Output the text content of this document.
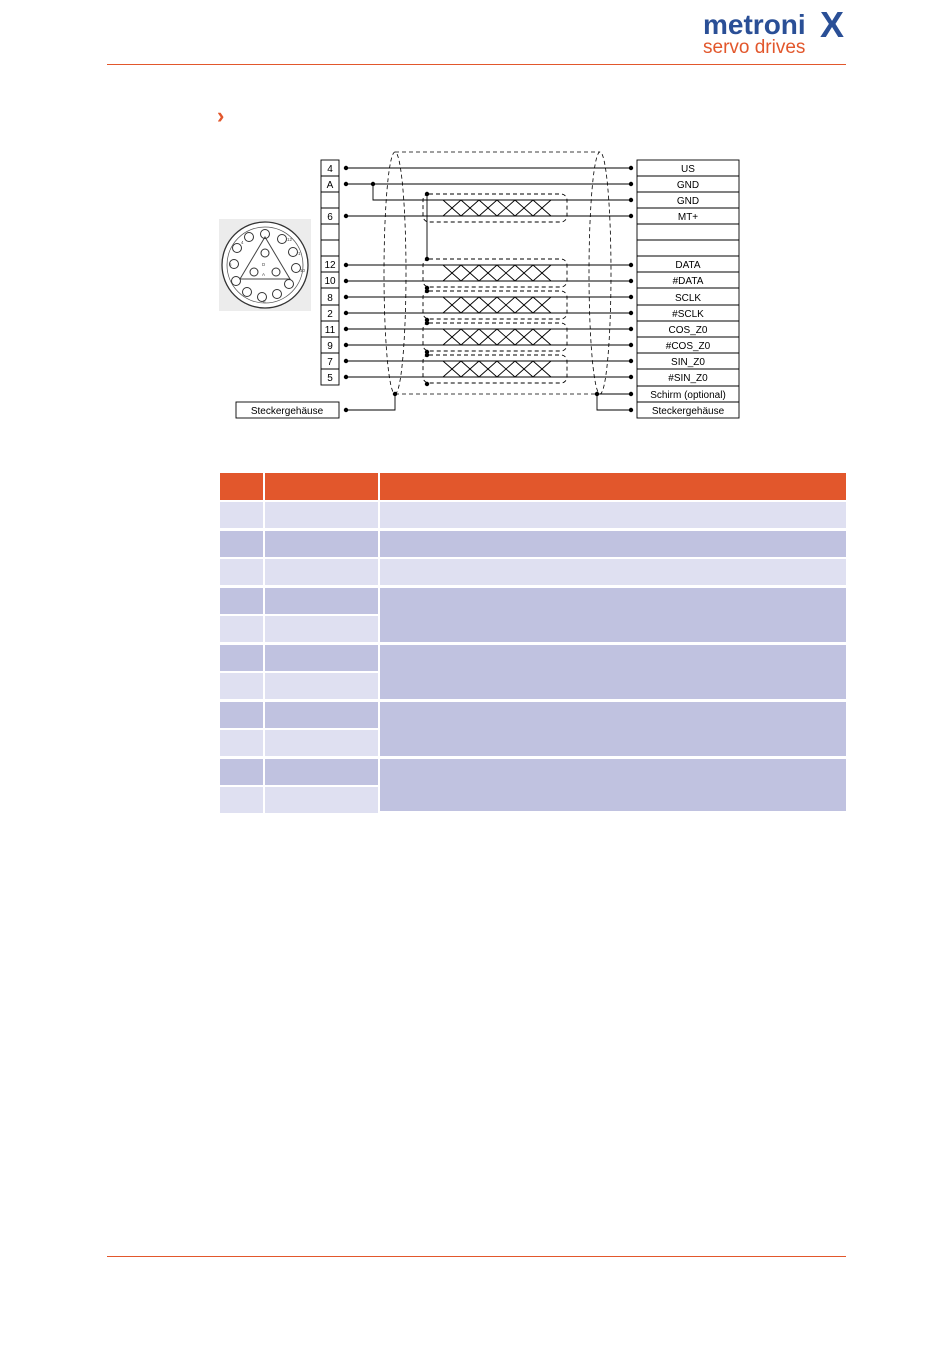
metroni X
servo drives
›
D
A
12
1
10
8
6
4
4
A
6
12
10
8
2
11
9
7
5
Steckergehäuse
US
GND
GND
MT+
DATA
#DATA
SCLK
#SCLK
COS_Z0
#COS_Z0
SIN_Z0
#SIN_Z0
Schirm (optional)
Steckergehäuse
